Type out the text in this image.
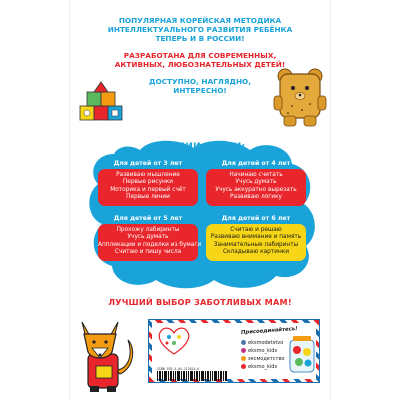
ПОПУЛЯРНАЯ КОРЕЙСКАЯ МЕТОДИКА

ИНТЕЛЛЕКТУАЛЬНОГО РАЗВИТИЯ РЕБЁНКА

ТЕПЕРЬ И В РОССИИ!

РАЗРАБОТАНА ДЛЯ СОВРЕМЕННЫХ,

АКТИВНЫХ, ЛЮБОЗНАТЕЛЬНЫХ ДЕТЕЙ!

ДОСТУПНО, НАГЛЯДНО,

ИНТЕРЕСНО!

В СЕРИИ КНИГИ:
Для детей от 3 лет
Развиваю мышление
Первые рисунки
Моторика и первый счёт
Первые линии
Для детей от 4 лет
Начинаю считать
Учусь думать
Учусь аккуратно вырезать
Развиваю логику
Для детей от 5 лет
Прохожу лабиринты
Учусь думать
Аппликации и поделки из бумаги
Считаю и пишу числа
Для детей от 6 лет
Считаю и решаю
Развиваю внимание и память
Занимательные лабиринты
Складываю картинки
ЛУЧШИЙ ВЫБОР ЗАБОТЛИВЫХ МАМ!
ISBN 978-5-04-112814-6
Присоединяйтесь!
eksmodetstvo
eksmo_kids
эксмодетство
eksmo_kids
